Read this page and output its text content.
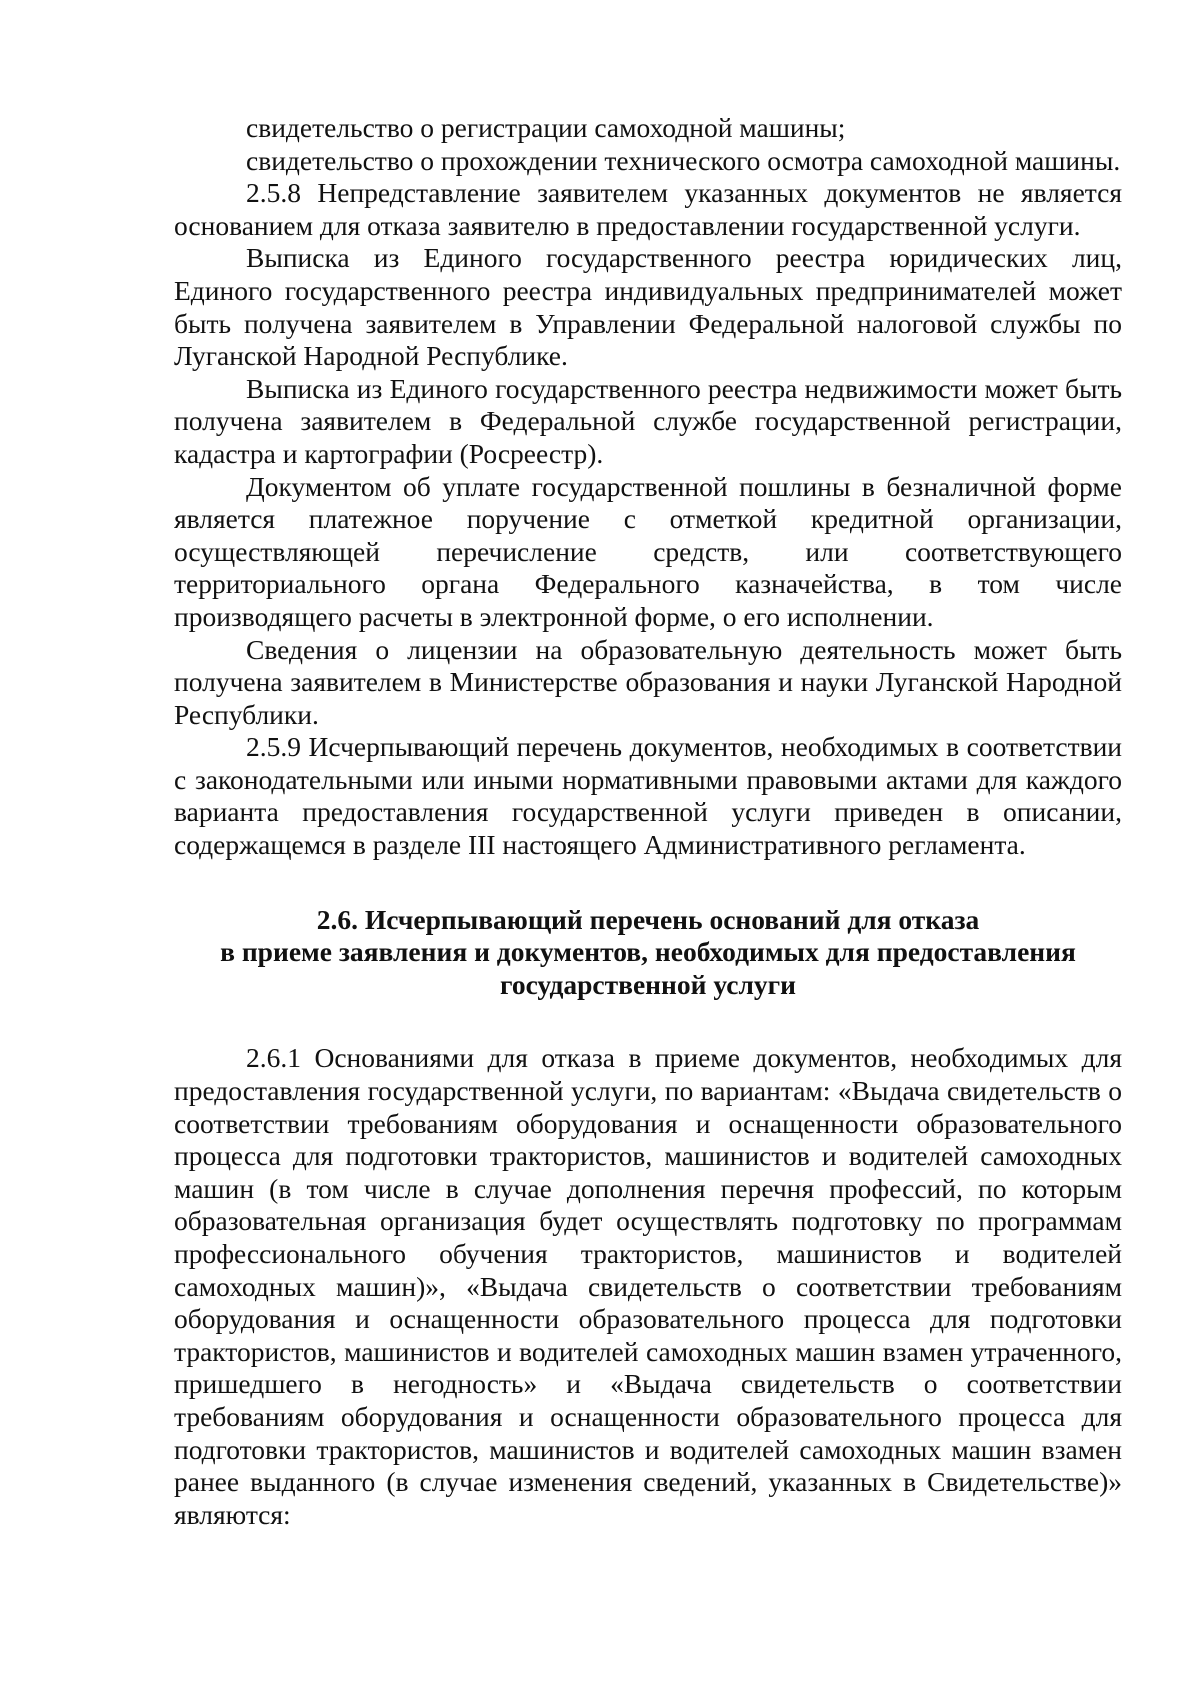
свидетельство о регистрации самоходной машины;

свидетельство о прохождении технического осмотра самоходной машины.

2.5.8 Непредставление заявителем указанных документов не является основанием для отказа заявителю в предоставлении государственной услуги.

Выписка из Единого государственного реестра юридических лиц, Единого государственного реестра индивидуальных предпринимателей может быть получена заявителем в Управлении Федеральной налоговой службы по Луганской Народной Республике.

Выписка из Единого государственного реестра недвижимости может быть получена заявителем в Федеральной службе государственной регистрации, кадастра и картографии (Росреестр).

Документом об уплате государственной пошлины в безналичной форме является платежное поручение с отметкой кредитной организации, осуществляющей перечисление средств, или соответствующего территориального органа Федерального казначейства, в том числе производящего расчеты в электронной форме, о его исполнении.

Сведения о лицензии на образовательную деятельность может быть получена заявителем в Министерстве образования и науки Луганской Народной Республики.

2.5.9 Исчерпывающий перечень документов, необходимых в соответствии с законодательными или иными нормативными правовыми актами для каждого варианта предоставления государственной услуги приведен в описании, содержащемся в разделе III настоящего Административного регламента.

2.6. Исчерпывающий перечень оснований для отказа
в приеме заявления и документов, необходимых для предоставления
государственной услуги

2.6.1 Основаниями для отказа в приеме документов, необходимых для предоставления государственной услуги, по вариантам: «Выдача свидетельств о соответствии требованиям оборудования и оснащенности образовательного процесса для подготовки трактористов, машинистов и водителей самоходных машин (в том числе в случае дополнения перечня профессий, по которым образовательная организация будет осуществлять подготовку по программам профессионального обучения трактористов, машинистов и водителей самоходных машин)», «Выдача свидетельств о соответствии требованиям оборудования и оснащенности образовательного процесса для подготовки трактористов, машинистов и водителей самоходных машин взамен утраченного, пришедшего в негодность» и «Выдача свидетельств о соответствии требованиям оборудования и оснащенности образовательного процесса для подготовки трактористов, машинистов и водителей самоходных машин взамен ранее выданного (в случае изменения сведений, указанных в Свидетельстве)» являются:
